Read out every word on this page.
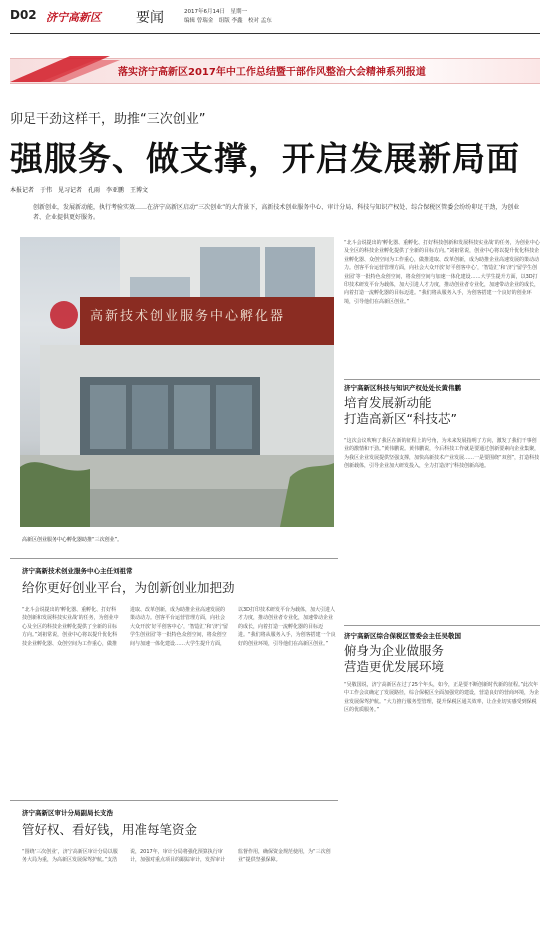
D02 济宁高新区	要闻	2017年6月14日　星期一
编辑 曾瑞金　组版 李鑫　校对 孟东
落实济宁高新区2017年中工作总结暨干部作风整治大会精神系列报道
卯足干劲这样干，助推“三次创业”
强服务、做支撑，开启发展新局面
本报记者　于伟　见习记者　孔雨　李亚鹏　王博文
创新创业，发展新动能，执行考验实效……在济宁高新区启动“三次创业”的大背景下，高新技术创业服务中心、审计分局、科技与知识产权处、综合保税区管委会纷纷卯足干劲，为创业者、企业提供更好服务。
高新技术创业服务中心孵化器
高新区创业服务中心孵化器助推“三次创业”。
“北斗会说提出的‘孵化器、重孵化、打好科技创新和发展科技实业战’的任务，为创业中心及全区的科技企业孵化提供了全新的目标方向。”刘祖常说，创业中心将以提升优化科技企业孵化器、众创空间为工作重心，做推进取、改革创新，成为助推企业高速发展的策动动力。创客平台运营管理方面，向社会大众开放‘好平创客中心’，‘智造汇’和‘济宁留学生创业园’等一批特色众创空间，将众创空间与加速一体化建设……大学生提升方面，以3D打印技术研发平台为载体，加大引进人才力度，推动创业者专业化，加速带动企业的成长，向着打造一流孵化器的目标迈进。“我们将从服务入手，为创客搭建一个良好的创业环境，引导他们在高新区创业。”
济宁高新区科技与知识产权处处长黄伟鹏
培育发展新动能
打造高新区“科技芯”
“这次会议吹响了我区在新的征程上的号角，为未来发展指明了方向，激发了我们干事创业的激情和干劲。”黄伟鹏说。黄伟鹏说，今后科技工作就是要通过创新要素向企业集聚，为我区企业发展提供坚强支撑，加快高新技术产业发展……一是要围绕“双创”，打造科技创新载体，引导企业加大研发投入，全力打造济宁科技创新高地。
济宁高新区综合保税区管委会主任吴敬国
俯身为企业做服务
营造更优发展环境
“吴敬国说，济宁高新区在过了25个年头，如今，正是要不断创新时代新的征程。”此次年中工作会议确定了发展路径，综合保税区全面加强党的建设，营造良好的营商环境，为企业发展保驾护航。“大力推行服务型管理，提升保税区通关效率，让企业切实感受到保税区的优质服务。”
济宁高新技术创业服务中心主任刘祖常
给你更好创业平台，为创新创业加把劲
“北斗会说提出的‘孵化器、重孵化、打好科技创新和发展科技实业战’的任务，为创业中心及全区的科技企业孵化提供了全新的目标方向。”刘祖常说，创业中心将以提升优化科技企业孵化器、众创空间为工作重心，做推进取、改革创新，成为助推企业高速发展的策动动力。创客平台运营管理方面，向社会大众开放‘好平创客中心’，‘智造汇’和‘济宁留学生创业园’等一批特色众创空间，将众创空间与加速一体化建设……大学生提升方面，以3D打印技术研发平台为载体，加大引进人才力度，推动创业者专业化，加速带动企业的成长，向着打造一流孵化器的目标迈进。“我们将从服务入手，为创客搭建一个良好的创业环境，引导他们在高新区创业。”
济宁高新区审计分局副局长支浩
管好权、看好钱，用准每笔资金
“围绕‘三次创业’，济宁高新区审计分局以服务大局为重，为高新区发展保驾护航。”支浩说，2017年，审计分局将强化预算执行审计，加强对重点项目的跟踪审计，发挥审计监督作用，确保资金规范使用，为“三次创业”提供坚强保障。
